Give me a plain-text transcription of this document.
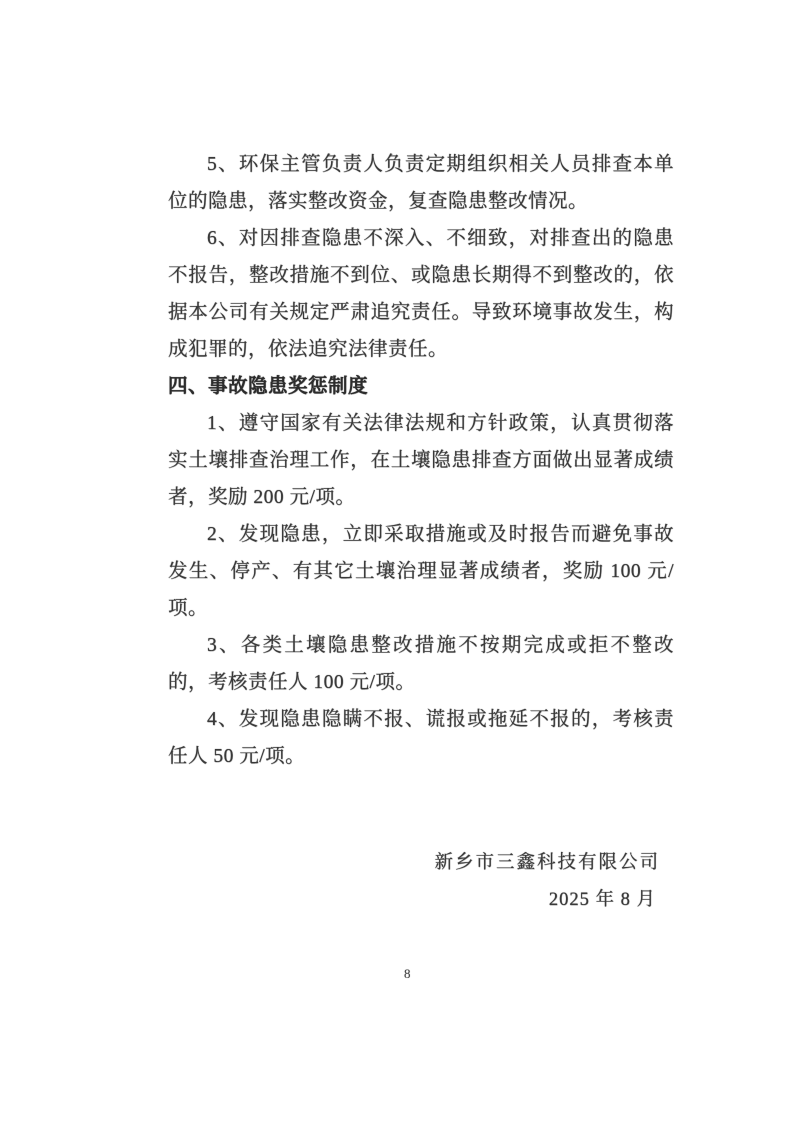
5、环保主管负责人负责定期组织相关人员排查本单位的隐患，落实整改资金，复查隐患整改情况。

6、对因排查隐患不深入、不细致，对排查出的隐患不报告，整改措施不到位、或隐患长期得不到整改的，依据本公司有关规定严肃追究责任。导致环境事故发生，构成犯罪的，依法追究法律责任。

四、事故隐患奖惩制度

1、遵守国家有关法律法规和方针政策，认真贯彻落实土壤排查治理工作，在土壤隐患排查方面做出显著成绩者，奖励 200 元/项。

2、发现隐患，立即采取措施或及时报告而避免事故发生、停产、有其它土壤治理显著成绩者，奖励 100 元/项。

3、各类土壤隐患整改措施不按期完成或拒不整改的，考核责任人 100 元/项。

4、发现隐患隐瞒不报、谎报或拖延不报的，考核责任人 50 元/项。

新乡市三鑫科技有限公司

2025 年 8 月

8
